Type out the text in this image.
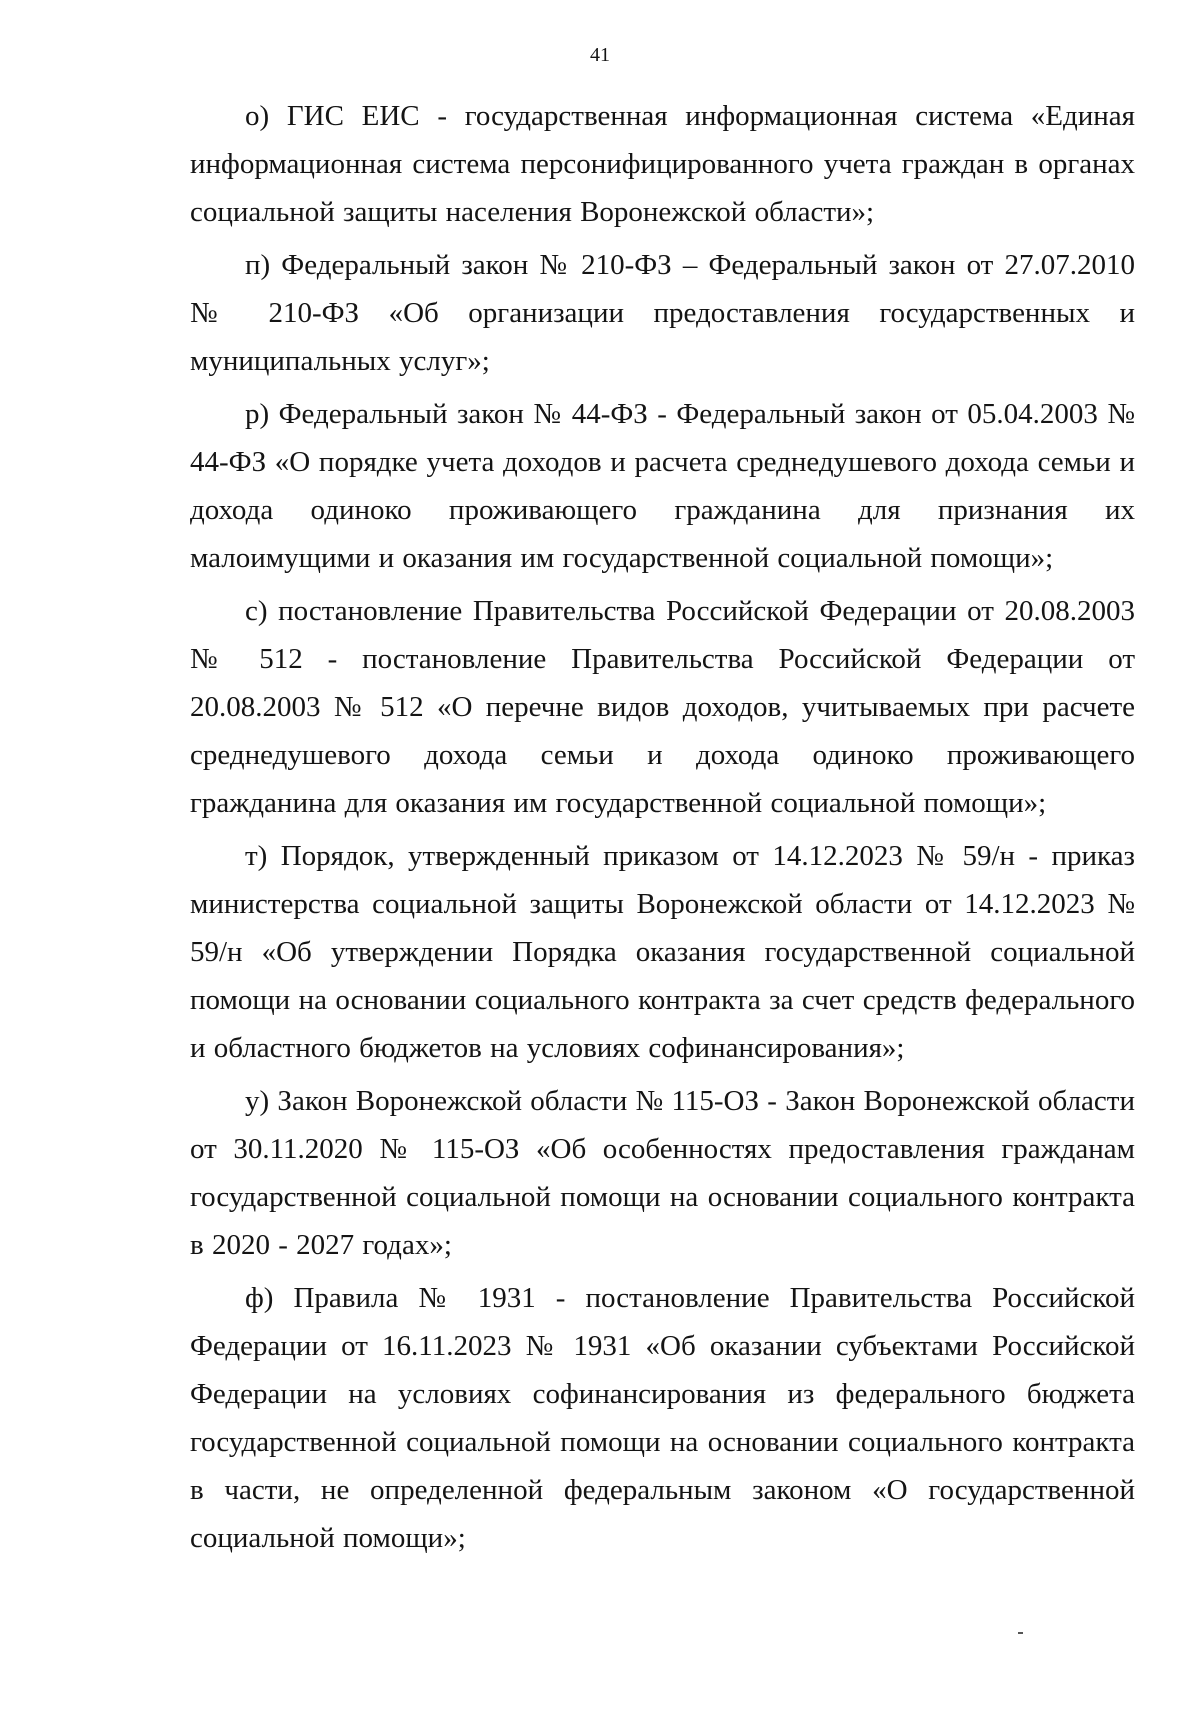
41

о) ГИС ЕИС - государственная информационная система «Единая информационная система персонифицированного учета граждан в органах социальной защиты населения Воронежской области»;

п) Федеральный закон № 210-ФЗ – Федеральный закон от 27.07.2010 № 210-ФЗ «Об организации предоставления государственных и муниципальных услуг»;

р) Федеральный закон № 44-ФЗ - Федеральный закон от 05.04.2003 № 44-ФЗ «О порядке учета доходов и расчета среднедушевого дохода семьи и дохода одиноко проживающего гражданина для признания их малоимущими и оказания им государственной социальной помощи»;

с) постановление Правительства Российской Федерации от 20.08.2003 № 512 - постановление Правительства Российской Федерации от 20.08.2003 № 512 «О перечне видов доходов, учитываемых при расчете среднедушевого дохода семьи и дохода одиноко проживающего гражданина для оказания им государственной социальной помощи»;

т) Порядок, утвержденный приказом от 14.12.2023 № 59/н - приказ министерства социальной защиты Воронежской области от 14.12.2023 № 59/н «Об утверждении Порядка оказания государственной социальной помощи на основании социального контракта за счет средств федерального и областного бюджетов на условиях софинансирования»;

у) Закон Воронежской области № 115-ОЗ - Закон Воронежской области от 30.11.2020 № 115-ОЗ «Об особенностях предоставления гражданам государственной социальной помощи на основании социального контракта в 2020 - 2027 годах»;

ф) Правила № 1931 - постановление Правительства Российской Федерации от 16.11.2023 № 1931 «Об оказании субъектами Российской Федерации на условиях софинансирования из федерального бюджета государственной социальной помощи на основании социального контракта в части, не определенной федеральным законом «О государственной социальной помощи»;
